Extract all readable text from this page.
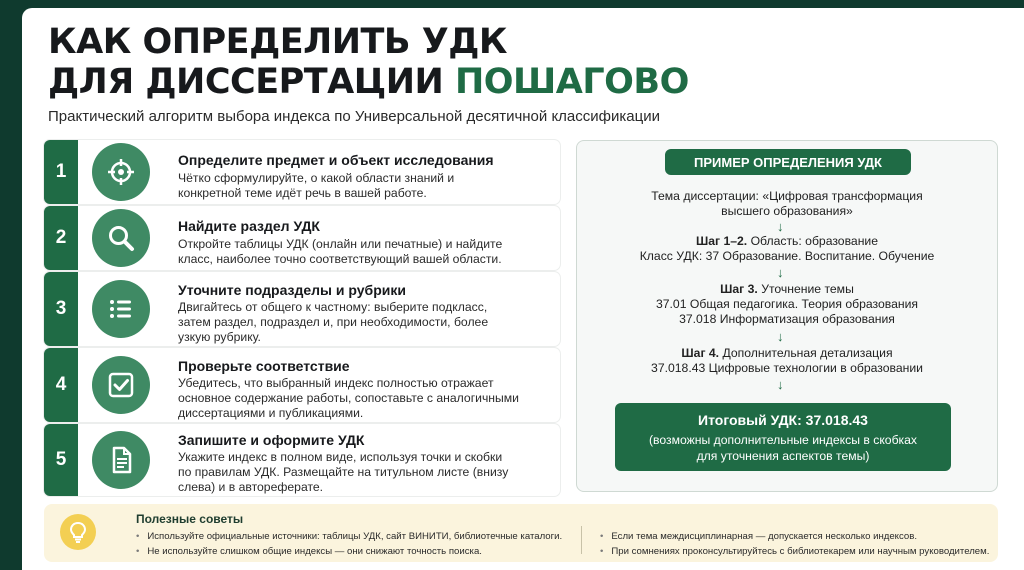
КАК ОПРЕДЕЛИТЬ УДК
ДЛЯ ДИССЕРТАЦИИ ПОШАГОВО
Практический алгоритм выбора индекса по Универсальной десятичной классификации
1
Определите предмет и объект исследования
Чётко сформулируйте, о какой области знаний и
конкретной теме идёт речь в вашей работе.
2
Найдите раздел УДК
Откройте таблицы УДК (онлайн или печатные) и найдите
класс, наиболее точно соответствующий вашей области.
3
Уточните подразделы и рубрики
Двигайтесь от общего к частному: выберите подкласс,
затем раздел, подраздел и, при необходимости, более
узкую рубрику.
4
Проверьте соответствие
Убедитесь, что выбранный индекс полностью отражает
основное содержание работы, сопоставьте с аналогичными
диссертациями и публикациями.
5
Запишите и оформите УДК
Укажите индекс в полном виде, используя точки и скобки
по правилам УДК. Размещайте на титульном листе (внизу
слева) и в автореферате.
ПРИМЕР ОПРЕДЕЛЕНИЯ УДК
Тема диссертации: «Цифровая трансформация
высшего образования»
↓
Шаг 1–2. Область: образование
Класс УДК: 37 Образование. Воспитание. Обучение
↓
Шаг 3. Уточнение темы
37.01 Общая педагогика. Теория образования
37.018 Информатизация образования
↓
Шаг 4. Дополнительная детализация
37.018.43 Цифровые технологии в образовании
↓
Итоговый УДК: 37.018.43
(возможны дополнительные индексы в скобках
для уточнения аспектов темы)
Полезные советы
• Используйте официальные источники: таблицы УДК, сайт ВИНИТИ, библиотечные каталоги.
• Не используйте слишком общие индексы — они снижают точность поиска.
• Если тема междисциплинарная — допускается несколько индексов.
• При сомнениях проконсультируйтесь с библиотекарем или научным руководителем.
